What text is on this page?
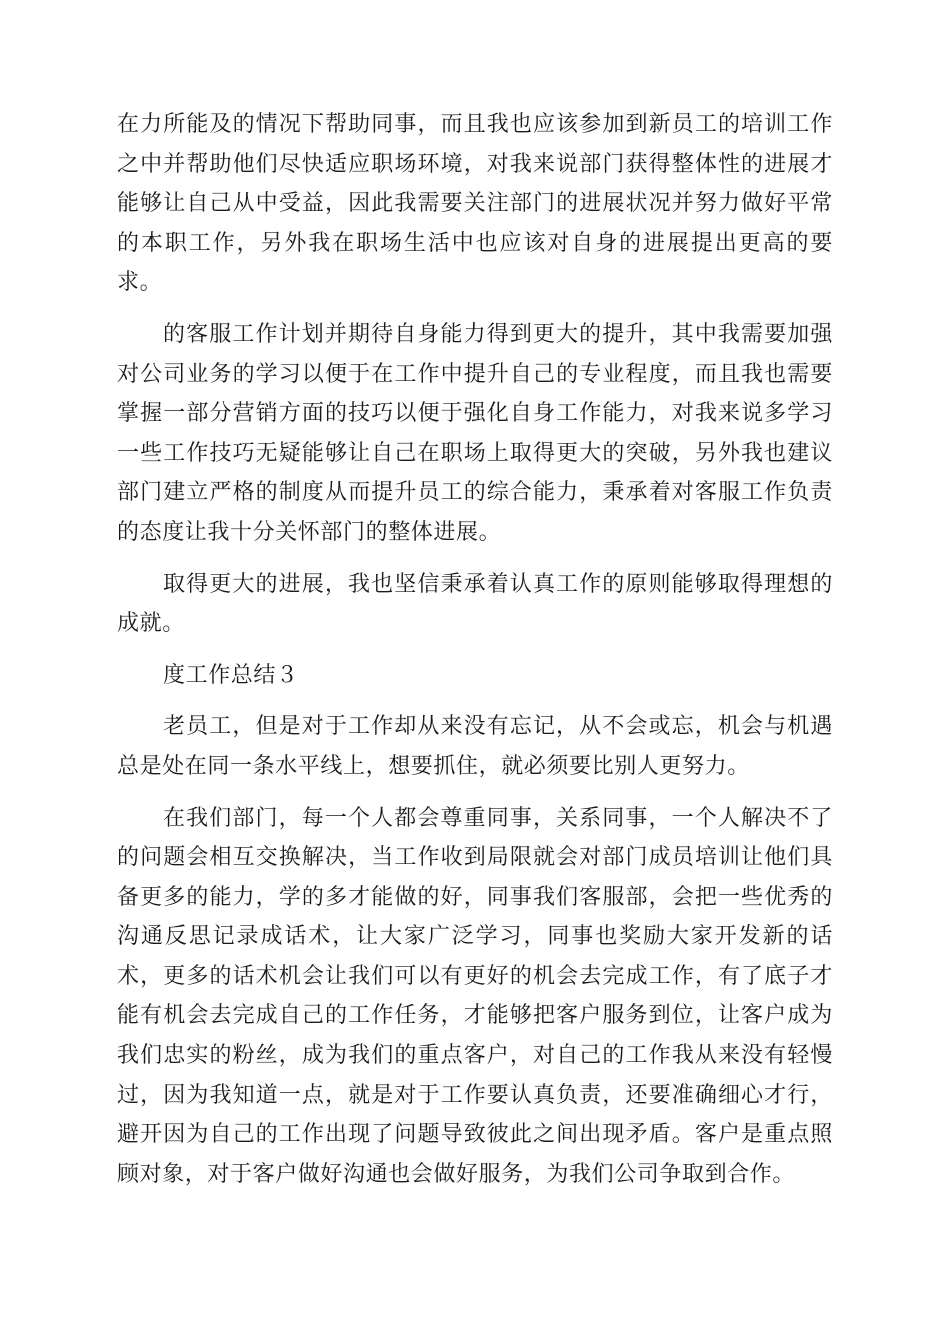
在力所能及的情况下帮助同事，而且我也应该参加到新员工的培训工作之中并帮助他们尽快适应职场环境，对我来说部门获得整体性的进展才能够让自己从中受益，因此我需要关注部门的进展状况并努力做好平常的本职工作，另外我在职场生活中也应该对自身的进展提出更高的要求。

的客服工作计划并期待自身能力得到更大的提升，其中我需要加强对公司业务的学习以便于在工作中提升自己的专业程度，而且我也需要掌握一部分营销方面的技巧以便于强化自身工作能力，对我来说多学习一些工作技巧无疑能够让自己在职场上取得更大的突破，另外我也建议部门建立严格的制度从而提升员工的综合能力，秉承着对客服工作负责的态度让我十分关怀部门的整体进展。

取得更大的进展，我也坚信秉承着认真工作的原则能够取得理想的成就。

度工作总结３

老员工，但是对于工作却从来没有忘记，从不会或忘，机会与机遇总是处在同一条水平线上，想要抓住，就必须要比别人更努力。

在我们部门，每一个人都会尊重同事，关系同事，一个人解决不了的问题会相互交换解决，当工作收到局限就会对部门成员培训让他们具备更多的能力，学的多才能做的好，同事我们客服部，会把一些优秀的沟通反思记录成话术，让大家广泛学习，同事也奖励大家开发新的话术，更多的话术机会让我们可以有更好的机会去完成工作，有了底子才能有机会去完成自己的工作任务，才能够把客户服务到位，让客户成为我们忠实的粉丝，成为我们的重点客户，对自己的工作我从来没有轻慢过，因为我知道一点，就是对于工作要认真负责，还要准确细心才行，避开因为自己的工作出现了问题导致彼此之间出现矛盾。客户是重点照顾对象，对于客户做好沟通也会做好服务，为我们公司争取到合作。
